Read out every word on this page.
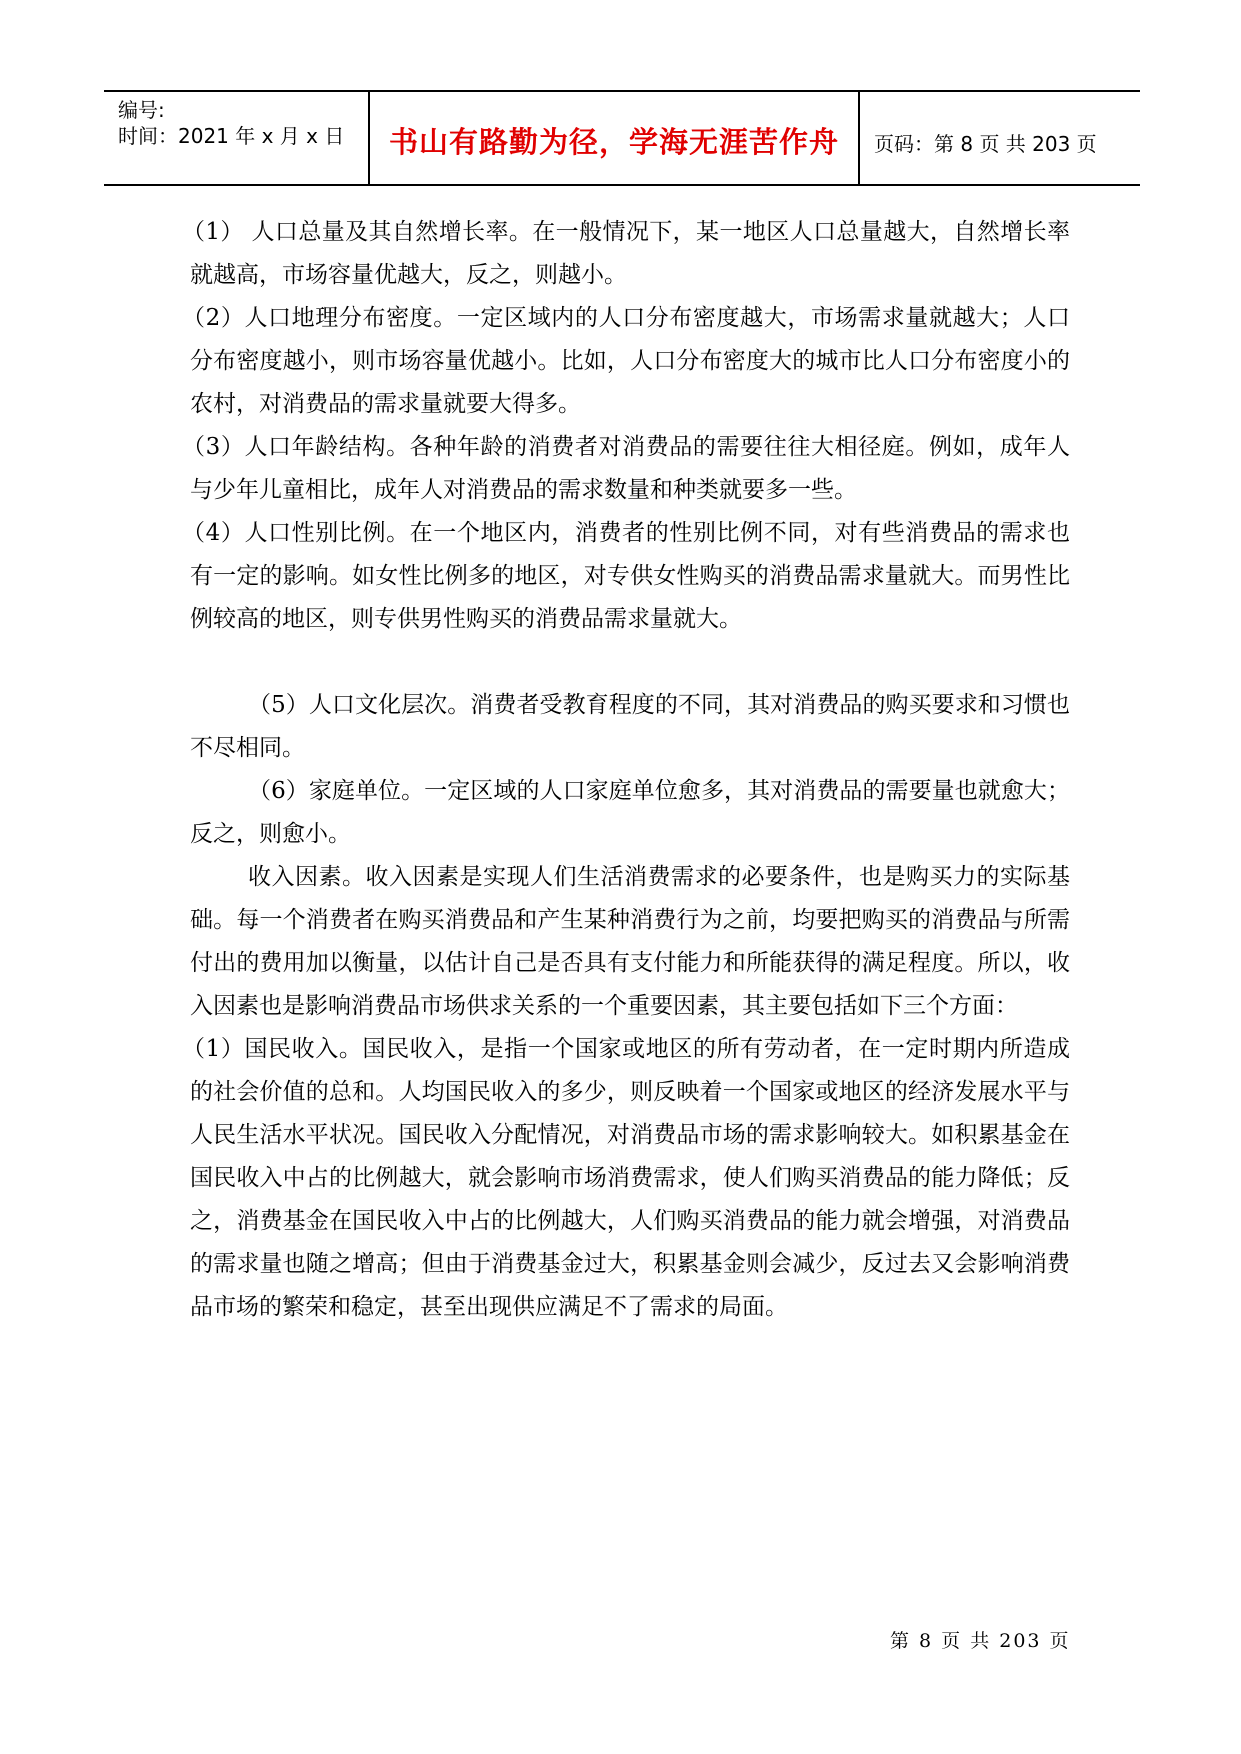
编号:
时间：2021 年 x 月 x 日	书山有路勤为径，学海无涯苦作舟	页码：第 8 页 共 203 页

（1） 人口总量及其自然增长率。在一般情况下，某一地区人口总量越大，自然增长率就越高，市场容量优越大，反之，则越小。

（2）人口地理分布密度。一定区域内的人口分布密度越大，市场需求量就越大；人口分布密度越小，则市场容量优越小。比如，人口分布密度大的城市比人口分布密度小的农村，对消费品的需求量就要大得多。

（3）人口年龄结构。各种年龄的消费者对消费品的需要往往大相径庭。例如，成年人与少年儿童相比，成年人对消费品的需求数量和种类就要多一些。

（4）人口性别比例。在一个地区内，消费者的性别比例不同，对有些消费品的需求也有一定的影响。如女性比例多的地区，对专供女性购买的消费品需求量就大。而男性比例较高的地区，则专供男性购买的消费品需求量就大。

（5）人口文化层次。消费者受教育程度的不同，其对消费品的购买要求和习惯也不尽相同。

（6）家庭单位。一定区域的人口家庭单位愈多，其对消费品的需要量也就愈大；反之，则愈小。

收入因素。收入因素是实现人们生活消费需求的必要条件，也是购买力的实际基础。每一个消费者在购买消费品和产生某种消费行为之前，均要把购买的消费品与所需付出的费用加以衡量，以估计自己是否具有支付能力和所能获得的满足程度。所以，收入因素也是影响消费品市场供求关系的一个重要因素，其主要包括如下三个方面：

（1）国民收入。国民收入，是指一个国家或地区的所有劳动者，在一定时期内所造成的社会价值的总和。人均国民收入的多少，则反映着一个国家或地区的经济发展水平与人民生活水平状况。国民收入分配情况，对消费品市场的需求影响较大。如积累基金在国民收入中占的比例越大，就会影响市场消费需求，使人们购买消费品的能力降低；反之，消费基金在国民收入中占的比例越大，人们购买消费品的能力就会增强，对消费品的需求量也随之增高；但由于消费基金过大，积累基金则会减少，反过去又会影响消费品市场的繁荣和稳定，甚至出现供应满足不了需求的局面。

第 8 页 共 203 页
